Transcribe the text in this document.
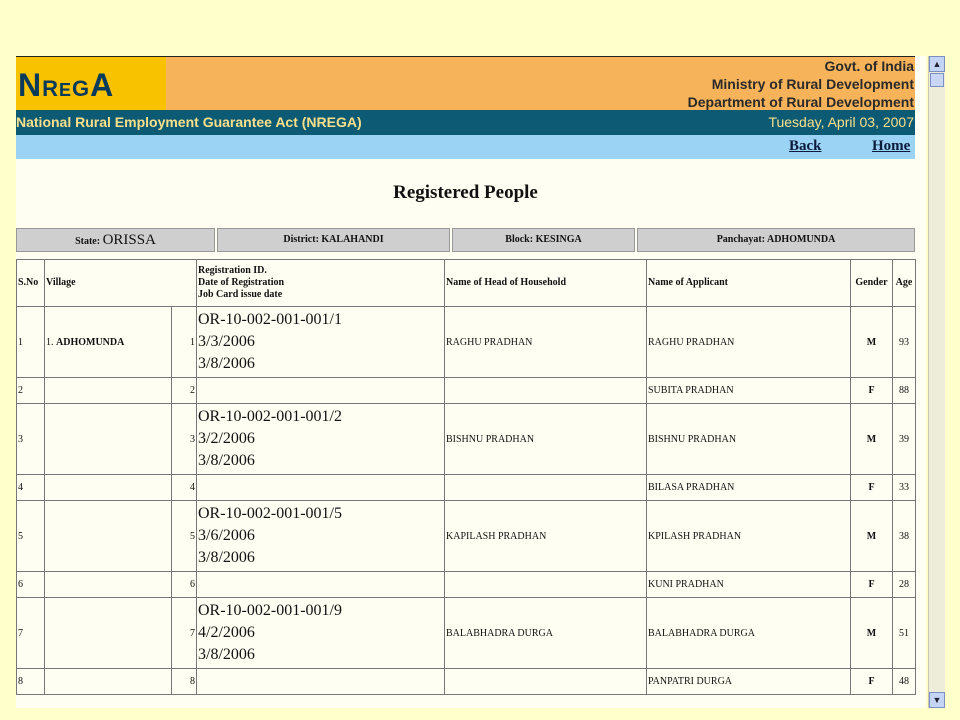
NREGA
Govt. of India
Ministry of Rural Development
Department of Rural Development
National Rural Employment Guarantee Act (NREGA)	Tuesday, April 03, 2007
Back	Home
Registered People
State: ORISSA	District: KALAHANDI	Block: KESINGA	Panchayat: ADHOMUNDA
S.No	Village		Registration ID.
Date of Registration
Job Card issue date	Name of Head of Household	Name of Applicant	Gender	Age
1	1. ADHOMUNDA	1	OR-10-002-001-001/1
3/3/2006
3/8/2006	RAGHU PRADHAN	RAGHU PRADHAN	M	93
2		2			SUBITA PRADHAN	F	88
3		3	OR-10-002-001-001/2
3/2/2006
3/8/2006	BISHNU PRADHAN	BISHNU PRADHAN	M	39
4		4			BILASA PRADHAN	F	33
5		5	OR-10-002-001-001/5
3/6/2006
3/8/2006	KAPILASH PRADHAN	KPILASH PRADHAN	M	38
6		6			KUNI PRADHAN	F	28
7		7	OR-10-002-001-001/9
4/2/2006
3/8/2006	BALABHADRA DURGA	BALABHADRA DURGA	M	51
8		8			PANPATRI DURGA	F	48
▲
▼
